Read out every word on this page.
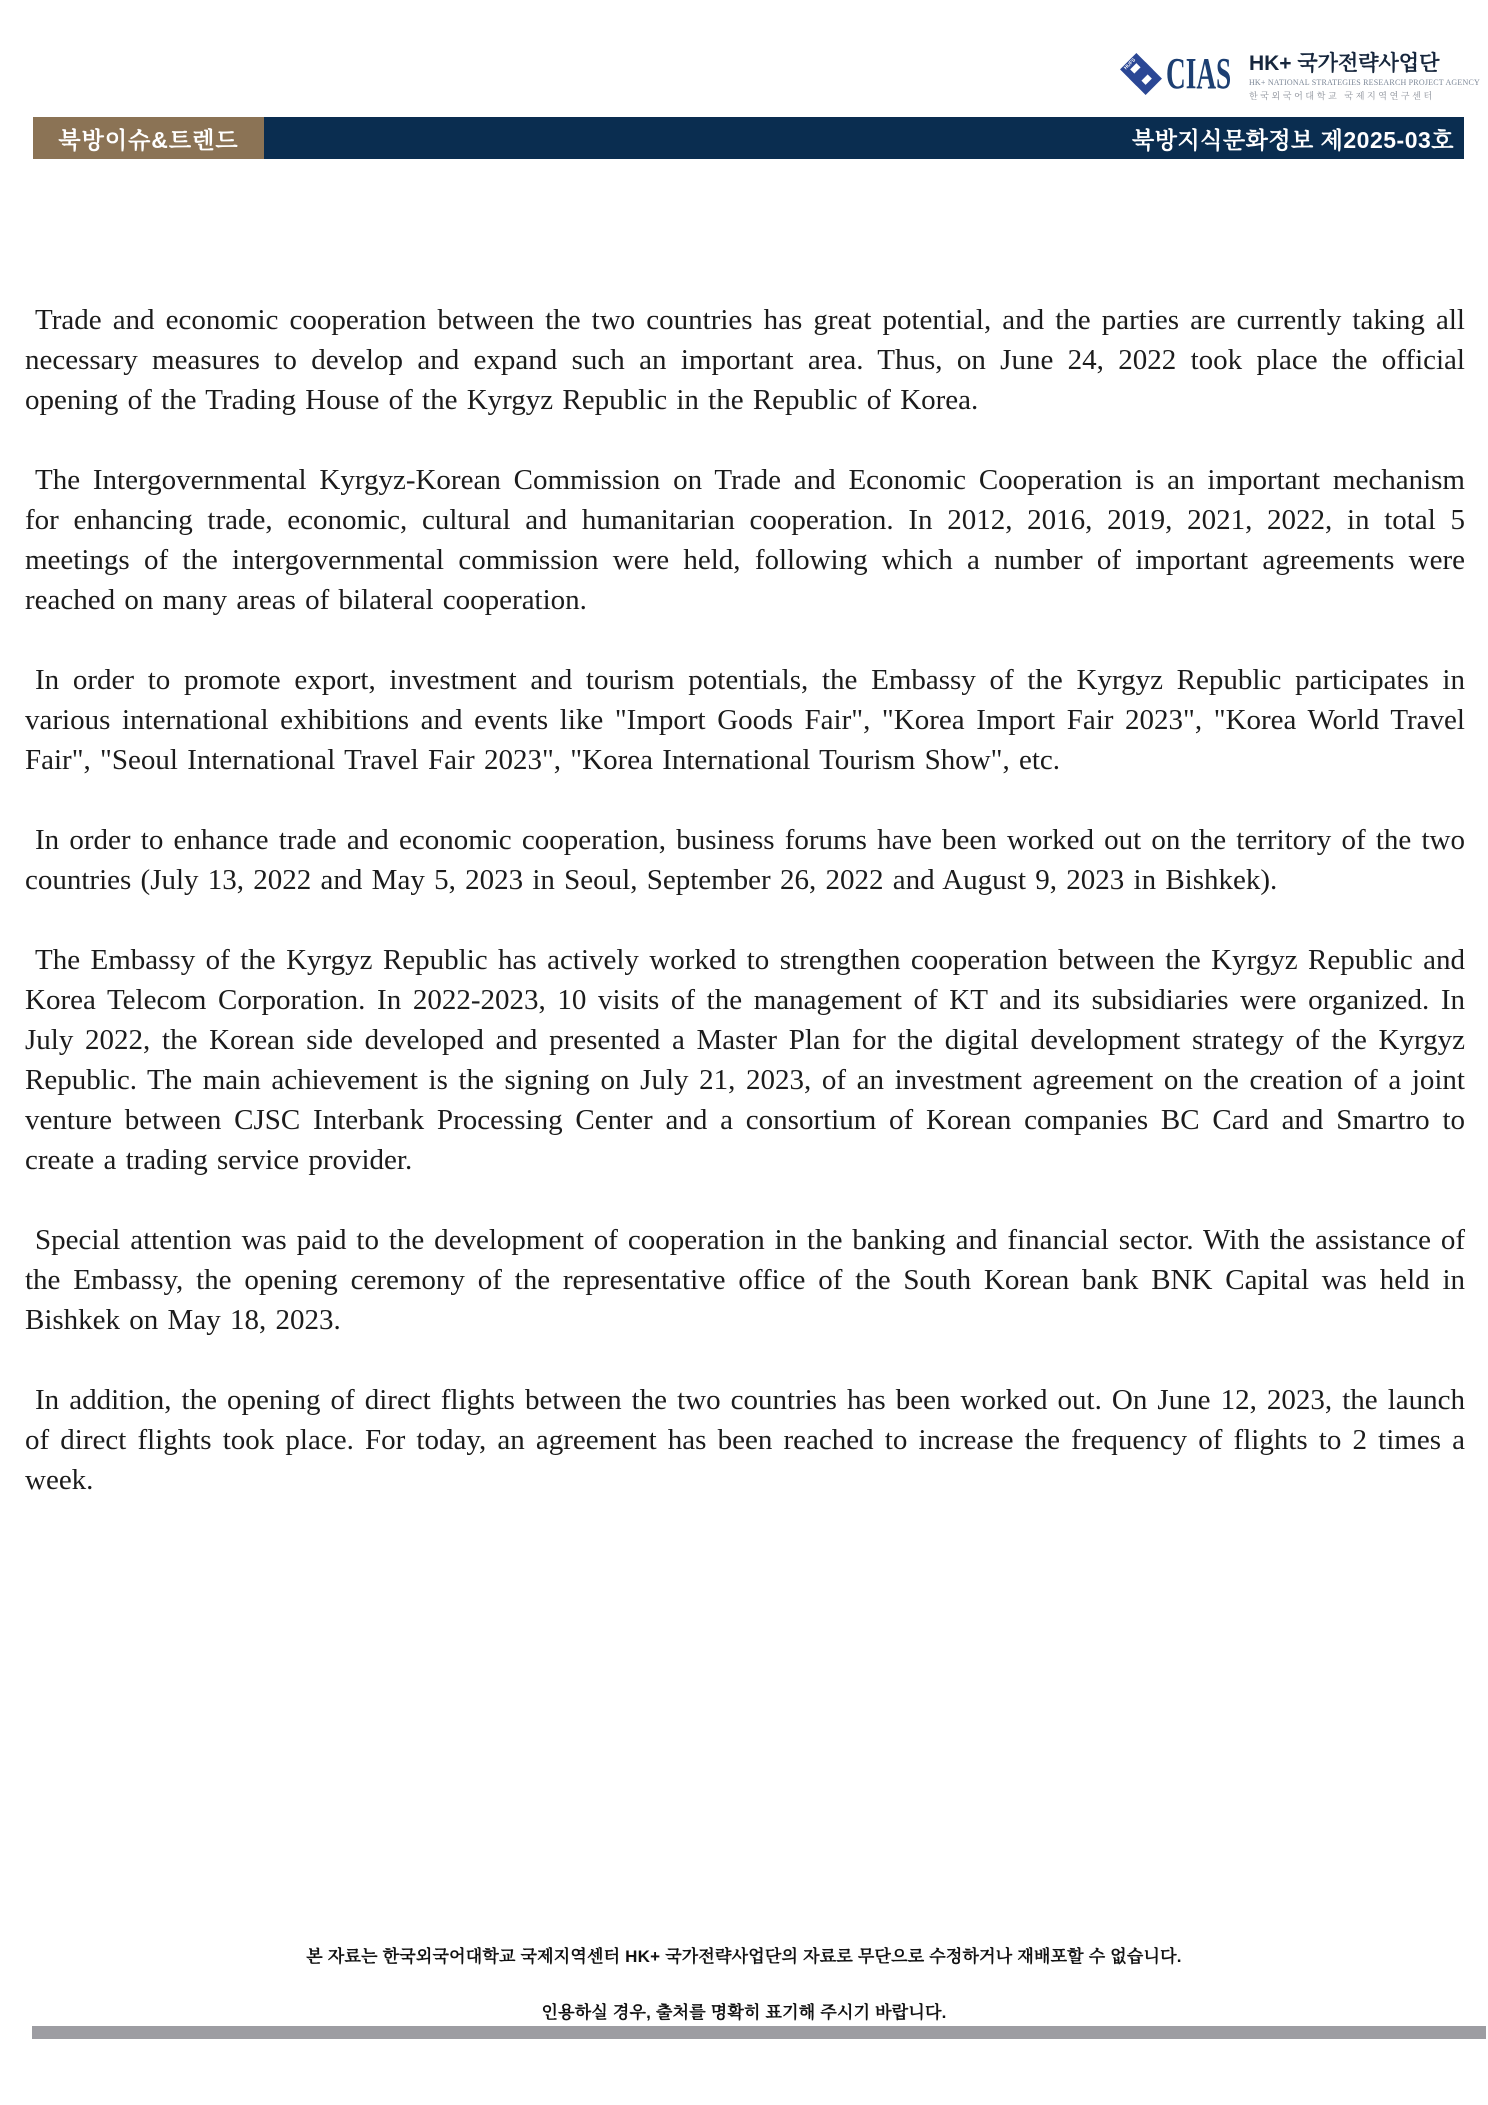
HUFS CIAS HK+ 국가전략사업단
HK+ NATIONAL STRATEGIES RESEARCH PROJECT AGENCY
한국외국어대학교 국제지역연구센터
북방이슈&트렌드	북방지식문화정보 제2025-03호

Trade and economic cooperation between the two countries has great potential, and the parties are currently taking all necessary measures to develop and expand such an important area. Thus, on June 24, 2022 took place the official opening of the Trading House of the Kyrgyz Republic in the Republic of Korea.

The Intergovernmental Kyrgyz-Korean Commission on Trade and Economic Cooperation is an important mechanism for enhancing trade, economic, cultural and humanitarian cooperation. In 2012, 2016, 2019, 2021, 2022, in total 5 meetings of the intergovernmental commission were held, following which a number of important agreements were reached on many areas of bilateral cooperation.

In order to promote export, investment and tourism potentials, the Embassy of the Kyrgyz Republic participates in various international exhibitions and events like "Import Goods Fair", "Korea Import Fair 2023", "Korea World Travel Fair", "Seoul International Travel Fair 2023", "Korea International Tourism Show", etc.

In order to enhance trade and economic cooperation, business forums have been worked out on the territory of the two countries (July 13, 2022 and May 5, 2023 in Seoul, September 26, 2022 and August 9, 2023 in Bishkek).

The Embassy of the Kyrgyz Republic has actively worked to strengthen cooperation between the Kyrgyz Republic and Korea Telecom Corporation. In 2022-2023, 10 visits of the management of KT and its subsidiaries were organized. In July 2022, the Korean side developed and presented a Master Plan for the digital development strategy of the Kyrgyz Republic. The main achievement is the signing on July 21, 2023, of an investment agreement on the creation of a joint venture between CJSC Interbank Processing Center and a consortium of Korean companies BC Card and Smartro to create a trading service provider.

Special attention was paid to the development of cooperation in the banking and financial sector. With the assistance of the Embassy, the opening ceremony of the representative office of the South Korean bank BNK Capital was held in Bishkek on May 18, 2023.

In addition, the opening of direct flights between the two countries has been worked out. On June 12, 2023, the launch of direct flights took place. For today, an agreement has been reached to increase the frequency of flights to 2 times a week.

본 자료는 한국외국어대학교 국제지역센터 HK+ 국가전략사업단의 자료로 무단으로 수정하거나 재배포할 수 없습니다.
인용하실 경우, 출처를 명확히 표기해 주시기 바랍니다.
